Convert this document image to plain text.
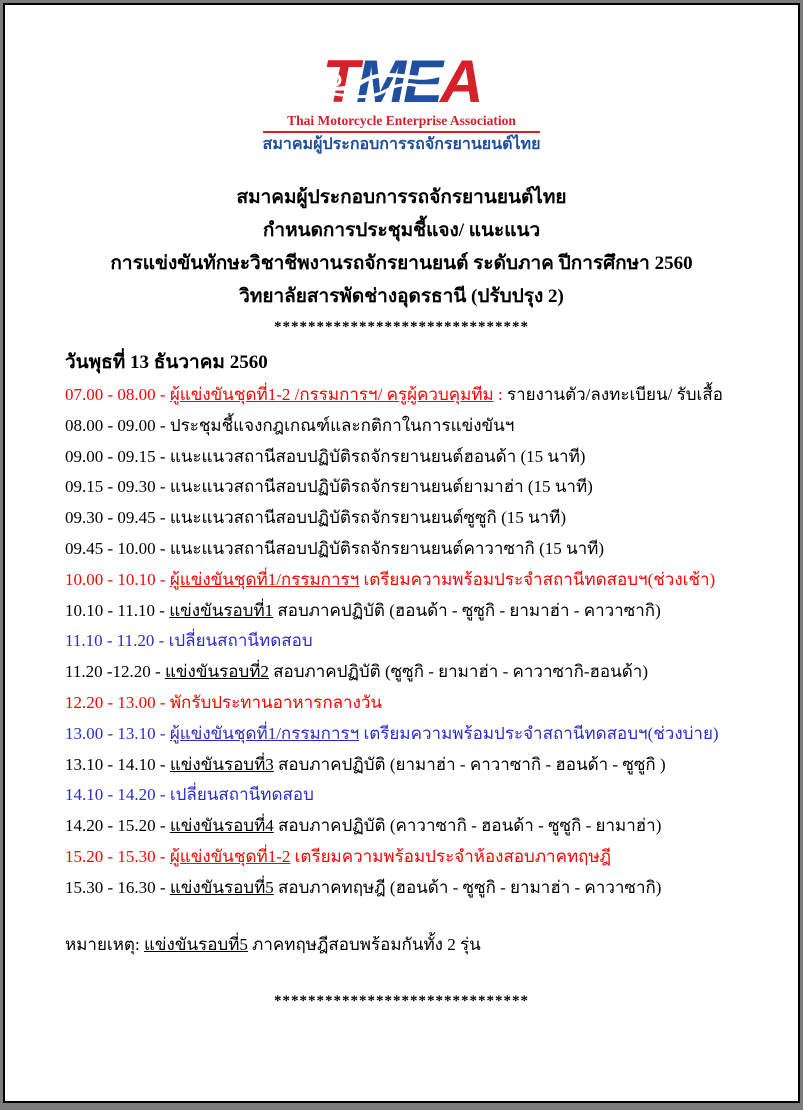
TMEA
Thai Motorcycle Enterprise Association
สมาคมผู้ประกอบการรถจักรยานยนต์ไทย
สมาคมผู้ประกอบการรถจักรยานยนต์ไทย
กำหนดการประชุมชี้แจง/ แนะแนว
การแข่งขันทักษะวิชาชีพงานรถจักรยานยนต์ ระดับภาค ปีการศึกษา 2560
วิทยาลัยสารพัดช่างอุดรธานี (ปรับปรุง 2)
******************************
วันพุธที่ 13 ธันวาคม 2560
07.00 - 08.00 - ผู้แข่งขันชุดที่1-2 /กรรมการฯ/ ครูผู้ควบคุมทีม : รายงานตัว/ลงทะเบียน/ รับเสื้อ
08.00 - 09.00 - ประชุมชี้แจงกฎเกณฑ์และกติกาในการแข่งขันฯ
09.00 - 09.15 - แนะแนวสถานีสอบปฏิบัติรถจักรยานยนต์ฮอนด้า (15 นาที)
09.15 - 09.30 - แนะแนวสถานีสอบปฏิบัติรถจักรยานยนต์ยามาฮ่า (15 นาที)
09.30 - 09.45 - แนะแนวสถานีสอบปฏิบัติรถจักรยานยนต์ซูซูกิ (15 นาที)
09.45 - 10.00 - แนะแนวสถานีสอบปฏิบัติรถจักรยานยนต์คาวาซากิ (15 นาที)
10.00 - 10.10 - ผู้แข่งขันชุดที่1/กรรมการฯ เตรียมความพร้อมประจำสถานีทดสอบฯ(ช่วงเช้า)
10.10 - 11.10 - แข่งขันรอบที่1 สอบภาคปฏิบัติ (ฮอนด้า - ซูซูกิ - ยามาฮ่า - คาวาซากิ)
11.10 - 11.20 - เปลี่ยนสถานีทดสอบ
11.20 -12.20 - แข่งขันรอบที่2 สอบภาคปฏิบัติ (ซูซูกิ - ยามาฮ่า - คาวาซากิ-ฮอนด้า)
12.20 - 13.00 - พักรับประทานอาหารกลางวัน
13.00 - 13.10 - ผู้แข่งขันชุดที่1/กรรมการฯ เตรียมความพร้อมประจำสถานีทดสอบฯ(ช่วงบ่าย)
13.10 - 14.10 - แข่งขันรอบที่3 สอบภาคปฏิบัติ (ยามาฮ่า - คาวาซากิ - ฮอนด้า - ซูซูกิ )
14.10 - 14.20 - เปลี่ยนสถานีทดสอบ
14.20 - 15.20 - แข่งขันรอบที่4 สอบภาคปฏิบัติ (คาวาซากิ - ฮอนด้า - ซูซูกิ - ยามาฮ่า)
15.20 - 15.30 - ผู้แข่งขันชุดที่1-2 เตรียมความพร้อมประจำห้องสอบภาคทฤษฎี
15.30 - 16.30 - แข่งขันรอบที่5 สอบภาคทฤษฎี (ฮอนด้า - ซูซูกิ - ยามาฮ่า - คาวาซากิ)
หมายเหตุ: แข่งขันรอบที่5 ภาคทฤษฎีสอบพร้อมกันทั้ง 2 รุ่น
******************************
